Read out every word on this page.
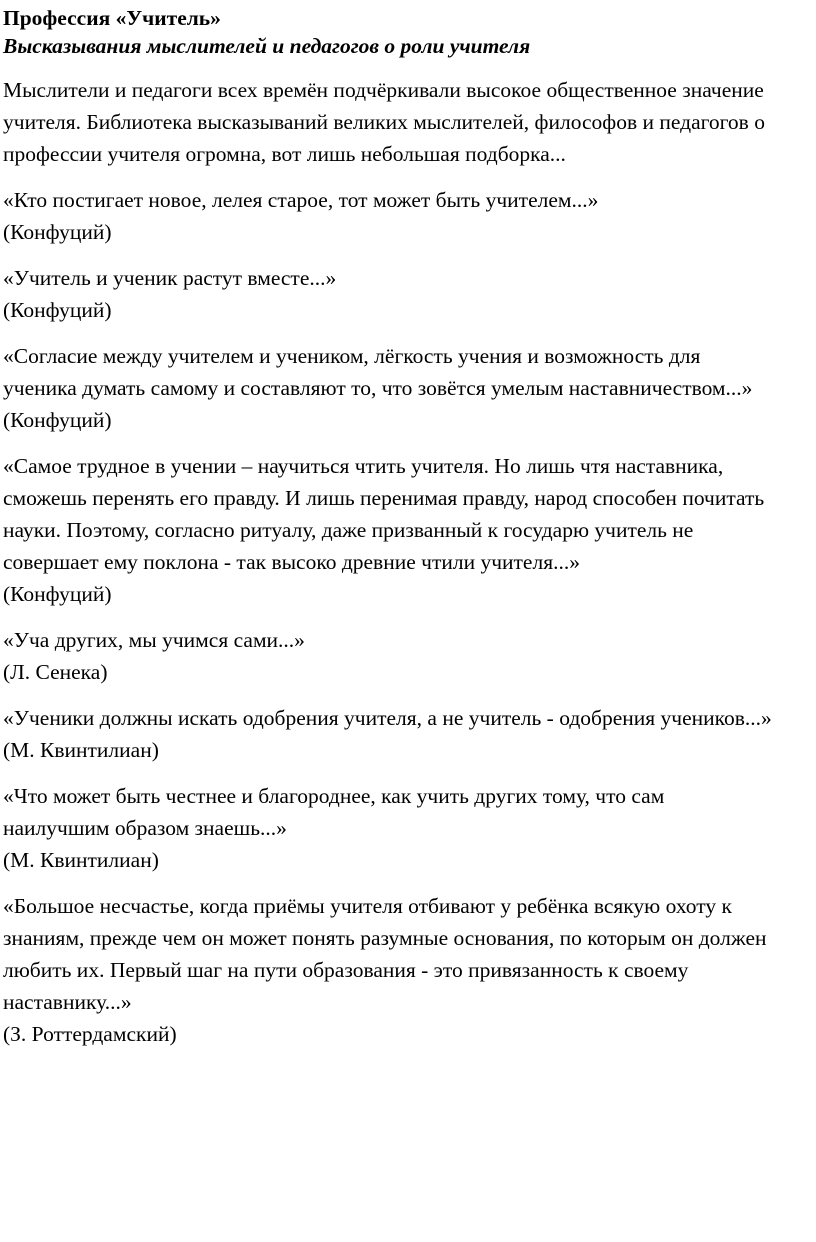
Профессия «Учитель»
Высказывания мыслителей и педагогов о роли учителя

Мыслители и педагоги всех времён подчёркивали высокое общественное значение учителя. Библиотека высказываний великих мыслителей, философов и педагогов о профессии учителя огромна, вот лишь небольшая подборка...

«Кто постигает новое, лелея старое, тот может быть учителем...»
(Конфуций)
«Учитель и ученик растут вместе...»
(Конфуций)
«Согласие между учителем и учеником, лёгкость учения и возможность для ученика думать самому и составляют то, что зовётся умелым наставничеством...»
(Конфуций)
«Самое трудное в учении – научиться чтить учителя. Но лишь чтя наставника, сможешь перенять его правду. И лишь перенимая правду, народ способен почитать науки. Поэтому, согласно ритуалу, даже призванный к государю учитель не совершает ему поклона - так высоко древние чтили учителя...»
(Конфуций)
«Уча других, мы учимся сами...»
(Л. Сенека)
«Ученики должны искать одобрения учителя, а не учитель - одобрения учеников...»
(М. Квинтилиан)
«Что может быть честнее и благороднее, как учить других тому, что сам наилучшим образом знаешь...»
(М. Квинтилиан)
«Большое несчастье, когда приёмы учителя отбивают у ребёнка всякую охоту к знаниям, прежде чем он может понять разумные основания, по которым он должен любить их. Первый шаг на пути образования - это привязанность к своему наставнику...»
(З. Роттердамский)
